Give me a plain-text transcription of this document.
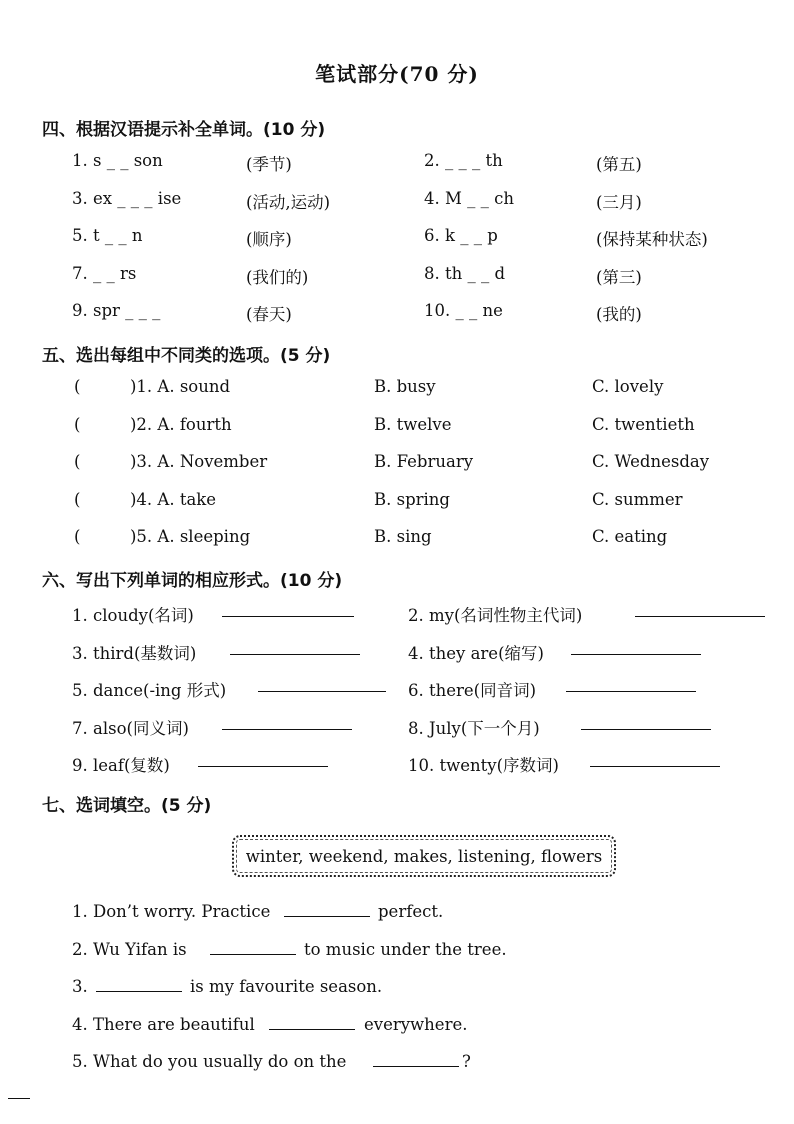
笔试部分(70 分)
四、根据汉语提示补全单词。(10 分)
1. s _ _ son	(季节)	2. _ _ _ th	(第五)
3. ex _ _ _ ise	(活动,运动)	4. M _ _ ch	(三月)
5. t _ _ n	(顺序)	6. k _ _ p	(保持某种状态)
7. _ _ rs	(我们的)	8. th _ _ d	(第三)
9. spr _ _ _	(春天)	10. _ _ ne	(我的)
五、选出每组中不同类的选项。(5 分)
(	)1. A. sound	B. busy	C. lovely
(	)2. A. fourth	B. twelve	C. twentieth
(	)3. A. November	B. February	C. Wednesday
(	)4. A. take	B. spring	C. summer
(	)5. A. sleeping	B. sing	C. eating
六、写出下列单词的相应形式。(10 分)
1. cloudy(名词)	2. my(名词性物主代词)
3. third(基数词)	4. they are(缩写)
5. dance(-ing 形式)	6. there(同音词)
7. also(同义词)	8. July(下一个月)
9. leaf(复数)	10. twenty(序数词)
七、选词填空。(5 分)
winter, weekend, makes, listening, flowers
1. Don’t worry. Practice	perfect.
2. Wu Yifan is	to music under the tree.
3.	is my favourite season.
4. There are beautiful	everywhere.
5. What do you usually do on the	?
